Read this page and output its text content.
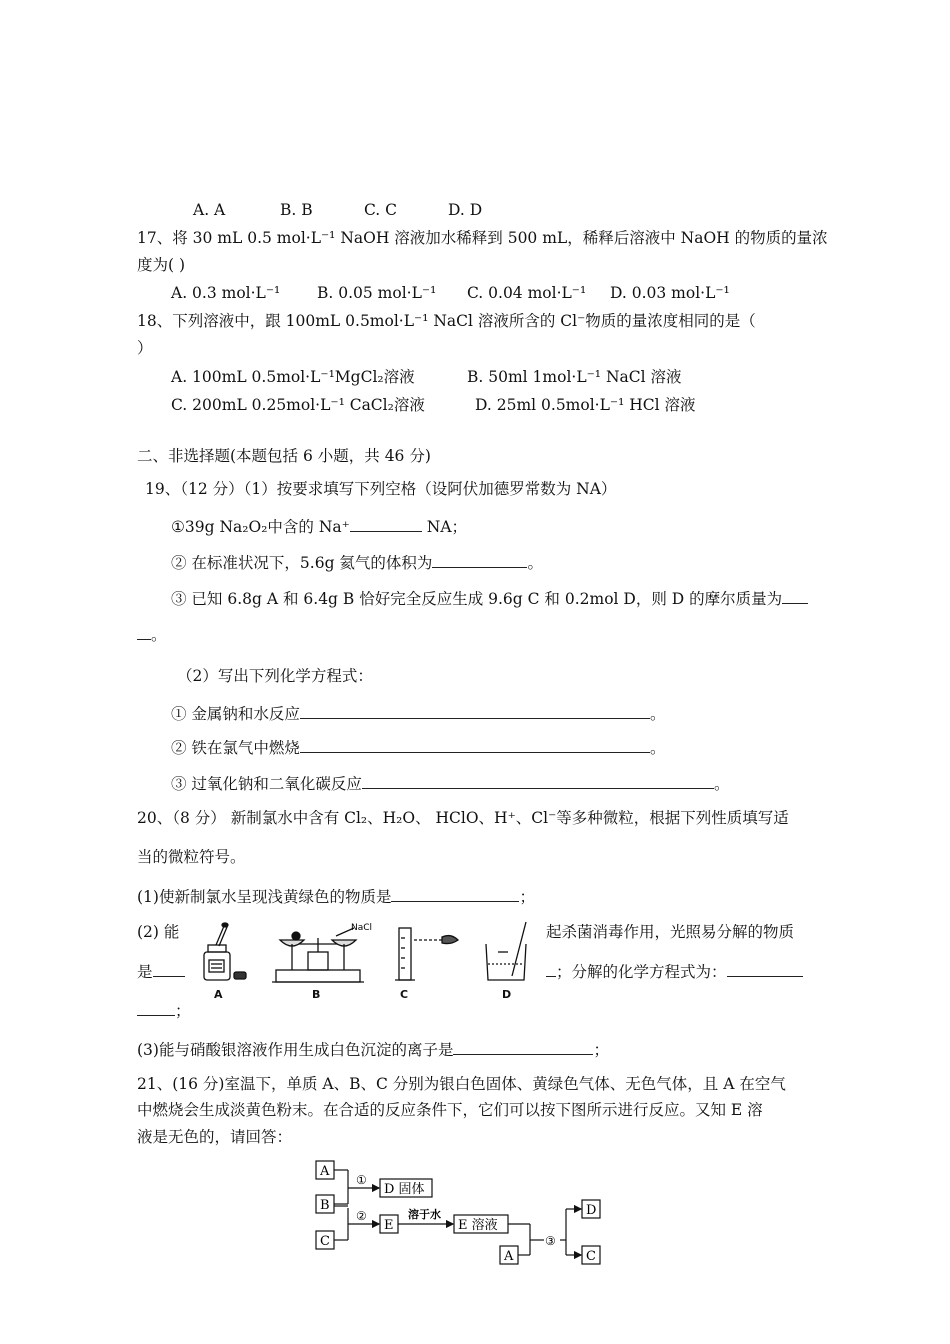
A. A	B. B	C. C	D. D
17、将 30 mL 0.5 mol·L⁻¹ NaOH 溶液加水稀释到 500 mL，稀释后溶液中 NaOH 的物质的量浓
度为( )
A. 0.3 mol·L⁻¹ B. 0.05 mol·L⁻¹ C. 0.04 mol·L⁻¹ D. 0.03 mol·L⁻¹
18、下列溶液中，跟 100mL 0.5mol·L⁻¹ NaCl 溶液所含的 Cl⁻物质的量浓度相同的是（
）
A. 100mL 0.5mol·L⁻¹MgCl₂溶液	B. 50ml 1mol·L⁻¹ NaCl 溶液
C. 200mL 0.25mol·L⁻¹ CaCl₂溶液	D. 25ml 0.5mol·L⁻¹ HCl 溶液
二、非选择题(本题包括 6 小题，共 46 分)
19、（12 分）（1）按要求填写下列空格（设阿伏加德罗常数为 NA）
①39g Na₂O₂中含的 Na⁺	NA；
② 在标准状况下，5.6g 氦气的体积为	。
③ 已知 6.8g A 和 6.4g B 恰好完全反应生成 9.6g C 和 0.2mol D，则 D 的摩尔质量为
。
（2）写出下列化学方程式：
① 金属钠和水反应	。
② 铁在氯气中燃烧	。
③ 过氧化钠和二氧化碳反应	。
20、（8 分） 新制氯水中含有 Cl₂、H₂O、 HClO、H⁺、Cl⁻等多种微粒，根据下列性质填写适
当的微粒符号。
(1)使新制氯水呈现浅黄绿色的物质是	；
(2) 能
是
起杀菌消毒作用，光照易分解的物质
；分解的化学方程式为：
；
A
NaCl
B	C	D
(3)能与硝酸银溶液作用生成白色沉淀的离子是	；
21、(16 分)室温下，单质 A、B、C 分别为银白色固体、黄绿色气体、无色气体，且 A 在空气
中燃烧会生成淡黄色粉末。在合适的反应条件下，它们可以按下图所示进行反应。又知 E 溶
液是无色的，请回答：
A
B
C
①
②
③
D 固体
E
溶于水
E 溶液
A
D
C
